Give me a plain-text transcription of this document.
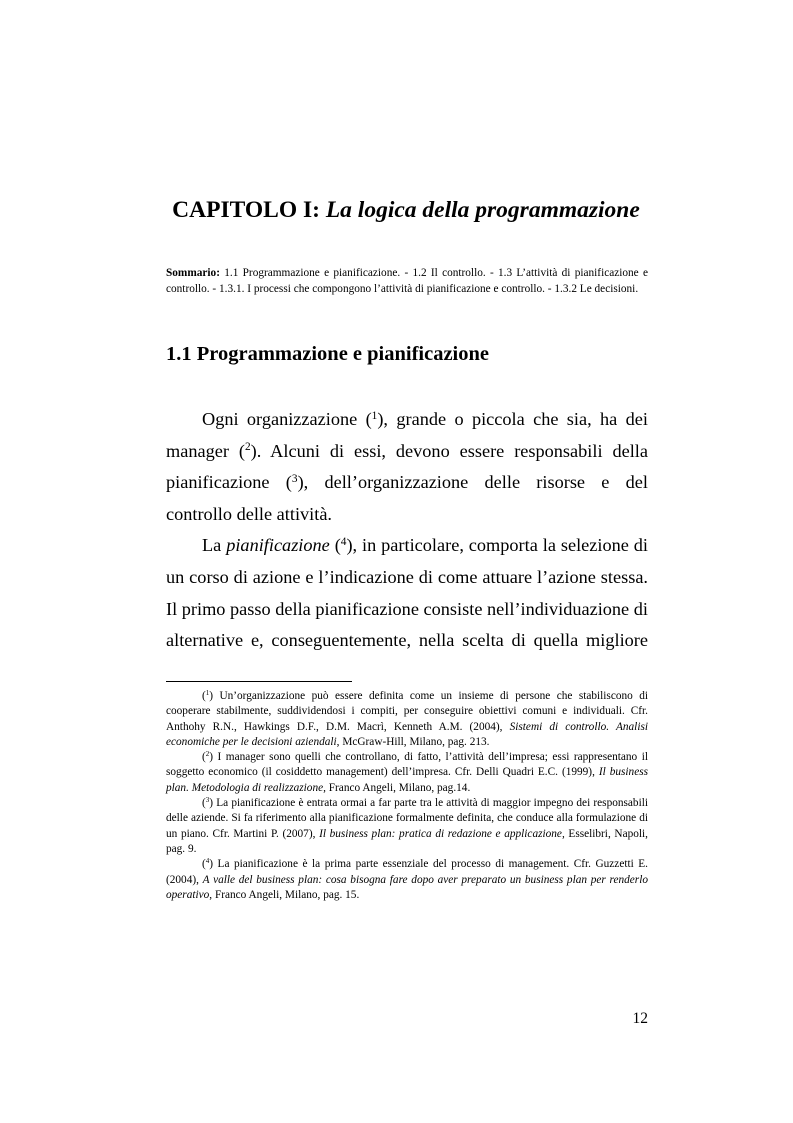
CAPITOLO I: La logica della programmazione
Sommario: 1.1 Programmazione e pianificazione. - 1.2 Il controllo. - 1.3 L’attività di pianificazione e controllo. - 1.3.1. I processi che compongono l’attività di pianificazione e controllo. - 1.3.2 Le decisioni.
1.1 Programmazione e pianificazione

Ogni organizzazione ($^1$), grande o piccola che sia, ha dei manager ($^2$). Alcuni di essi, devono essere responsabili della pianificazione ($^3$), dell’organizzazione delle risorse e del controllo delle attività.

La pianificazione ($^4$), in particolare, comporta la selezione di un corso di azione e l’indicazione di come attuare l’azione stessa. Il primo passo della pianificazione consiste nell’individuazione di alternative e, conseguentemente, nella scelta di quella migliore

($^1$) Un’organizzazione può essere definita come un insieme di persone che stabiliscono di cooperare stabilmente, suddividendosi i compiti, per conseguire obiettivi comuni e individuali. Cfr. Anthohy R.N., Hawkings D.F., D.M. Macrì, Kenneth A.M. (2004), Sistemi di controllo. Analisi economiche per le decisioni aziendali, McGraw-Hill, Milano, pag. 213.

($^2$) I manager sono quelli che controllano, di fatto, l’attività dell’impresa; essi rappresentano il soggetto economico (il cosiddetto management) dell’impresa. Cfr. Delli Quadri E.C. (1999), Il business plan. Metodologia di realizzazione, Franco Angeli, Milano, pag.14.

($^3$) La pianificazione è entrata ormai a far parte tra le attività di maggior impegno dei responsabili delle aziende. Si fa riferimento alla pianificazione formalmente definita, che conduce alla formulazione di un piano. Cfr. Martini P. (2007), Il business plan: pratica di redazione e applicazione, Esselibri, Napoli, pag. 9.

($^4$) La pianificazione è la prima parte essenziale del processo di management. Cfr. Guzzetti E. (2004), A valle del business plan: cosa bisogna fare dopo aver preparato un business plan per renderlo operativo, Franco Angeli, Milano, pag. 15.

12
